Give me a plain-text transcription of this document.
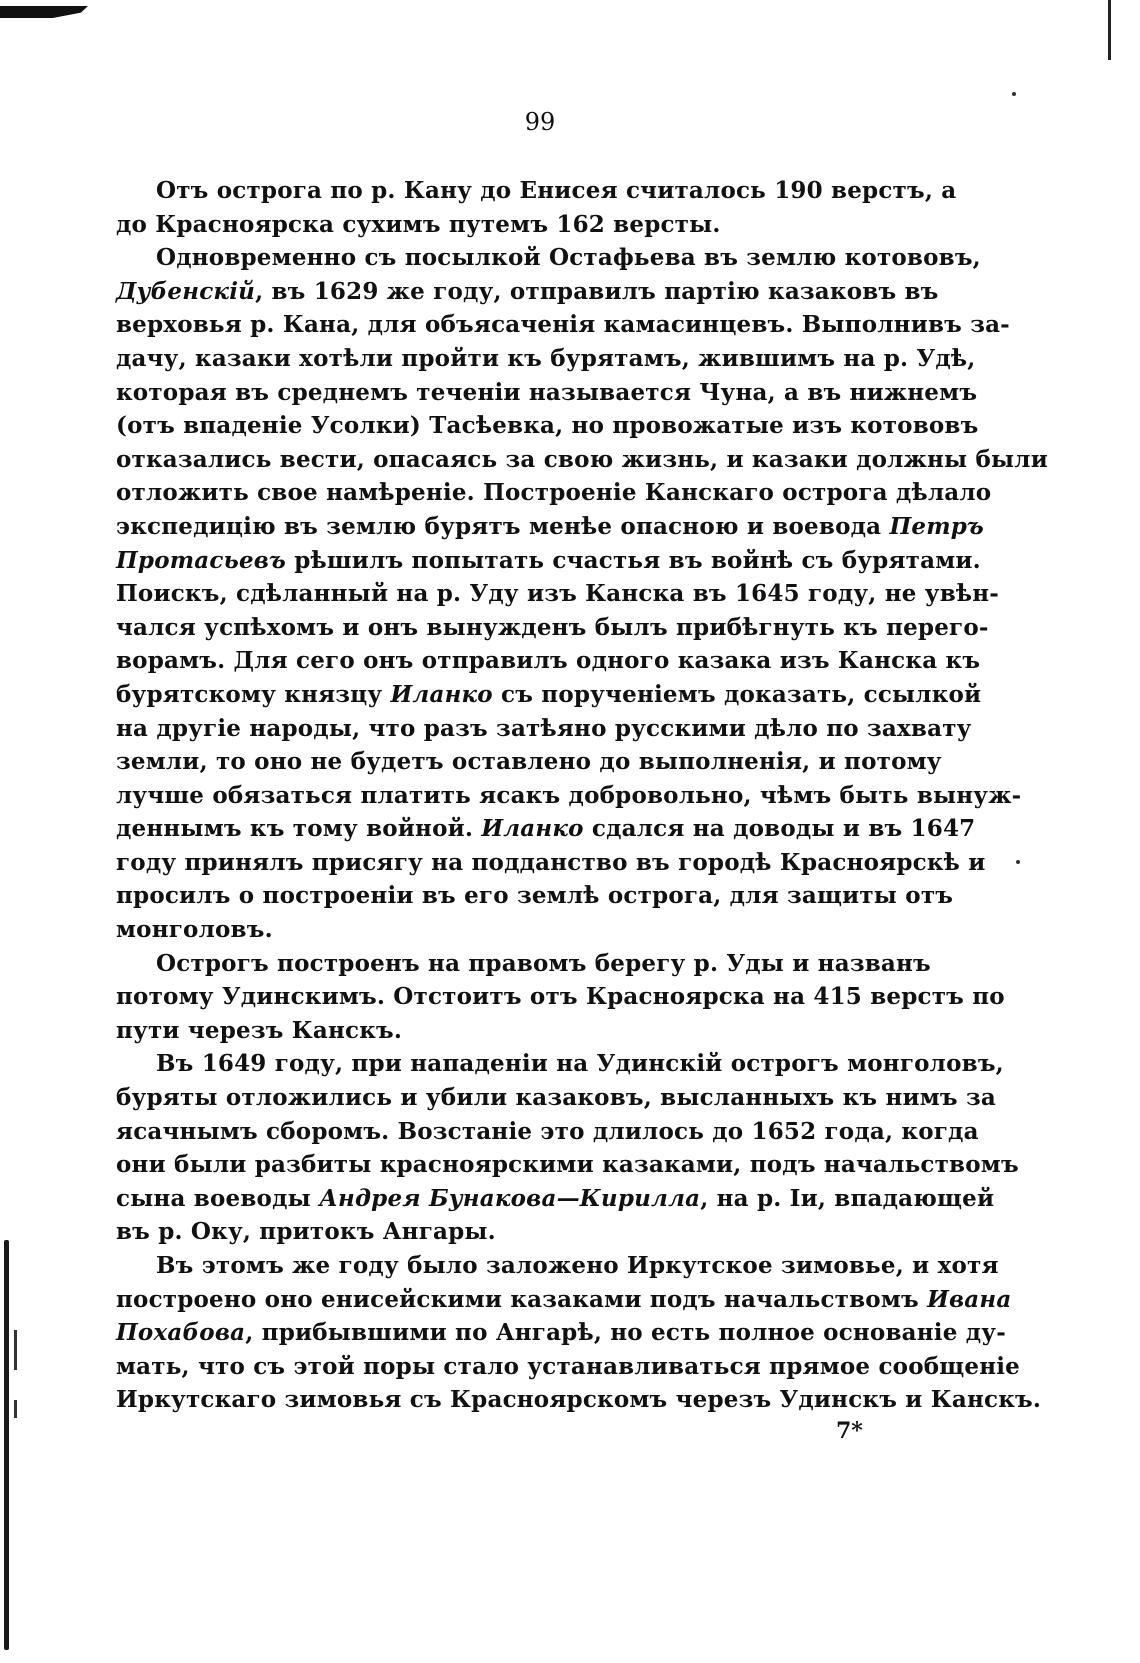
99

Отъ острога по р. Кану до Енисея считалось 190 верстъ, а
до Красноярска сухимъ путемъ 162 версты.

Одновременно съ посылкой Остафьева въ землю котововъ,
Дубенскій, въ 1629 же году, отправилъ партію казаковъ въ
верховья р. Кана, для объясаченія камасинцевъ. Выполнивъ за-
дачу, казаки хотѣли пройти къ бурятамъ, жившимъ на р. Удѣ,
которая въ среднемъ теченіи называется Чуна, а въ нижнемъ
(отъ впаденіе Усолки) Тасѣевка, но провожатые изъ котововъ
отказались вести, опасаясь за свою жизнь, и казаки должны были
отложить свое намѣреніе. Построеніе Канскаго острога дѣлало
экспедицію въ землю бурятъ менѣе опасною и воевода Петръ
Протасьевъ рѣшилъ попытать счастья въ войнѣ съ бурятами.
Поискъ, сдѣланный на р. Уду изъ Канска въ 1645 году, не увѣн-
чался успѣхомъ и онъ вынужденъ былъ прибѣгнуть къ перего-
ворамъ. Для сего онъ отправилъ одного казака изъ Канска къ
бурятскому князцу Иланко съ порученіемъ доказать, ссылкой
на другіе народы, что разъ затѣяно русскими дѣло по захвату
земли, то оно не будетъ оставлено до выполненія, и потому
лучше обязаться платить ясакъ добровольно, чѣмъ быть вынуж-
деннымъ къ тому войной. Иланко сдался на доводы и въ 1647
году принялъ присягу на подданство въ городѣ Красноярскѣ и
просилъ о построеніи въ его землѣ острога, для защиты отъ
монголовъ.

Острогъ построенъ на правомъ берегу р. Уды и названъ
потому Удинскимъ. Отстоитъ отъ Красноярска на 415 верстъ по
пути черезъ Канскъ.

Въ 1649 году, при нападеніи на Удинскій острогъ монголовъ,
буряты отложились и убили казаковъ, высланныхъ къ нимъ за
ясачнымъ сборомъ. Возстаніе это длилось до 1652 года, когда
они были разбиты красноярскими казаками, подъ начальствомъ
сына воеводы Андрея Бунакова—Кирилла, на р. Іи, впадающей
въ р. Оку, притокъ Ангары.

Въ этомъ же году было заложено Иркутское зимовье, и хотя
построено оно енисейскими казаками подъ начальствомъ Ивана
Похабова, прибывшими по Ангарѣ, но есть полное основаніе ду-
мать, что съ этой поры стало устанавливаться прямое сообщеніе
Иркутскаго зимовья съ Красноярскомъ черезъ Удинскъ и Канскъ.

7*
